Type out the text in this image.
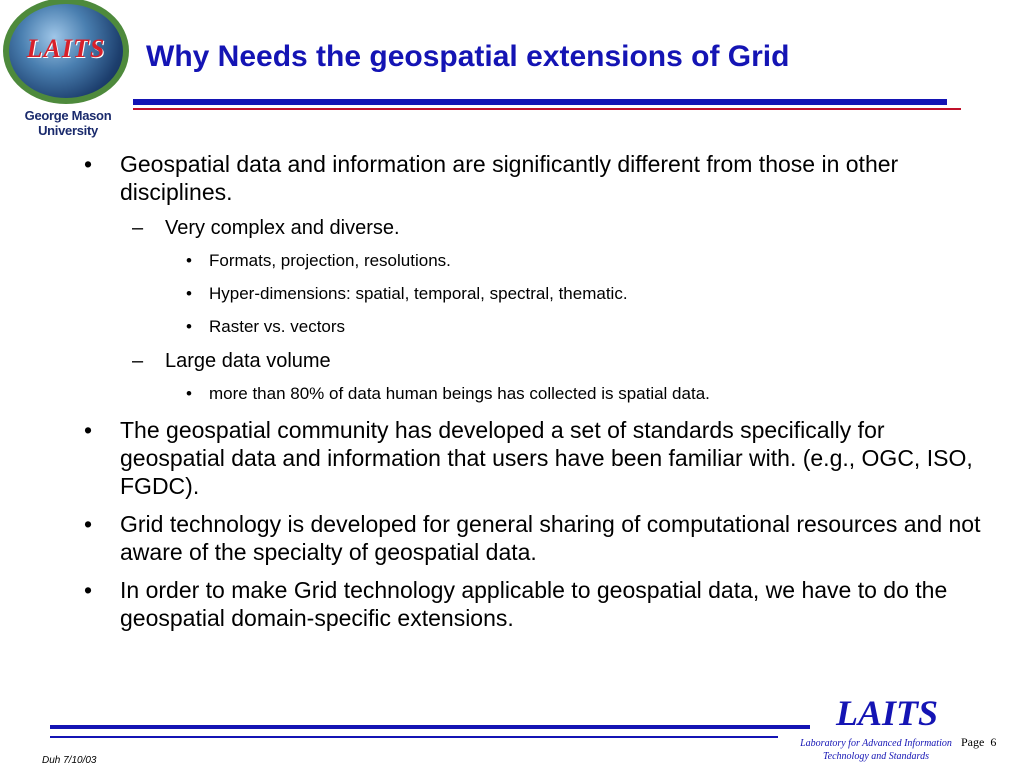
LAITS
George Mason University
Why Needs the geospatial extensions of Grid
• Geospatial data and information are significantly different from those in other disciplines.
– Very complex and diverse.
• Formats, projection, resolutions.
• Hyper-dimensions: spatial, temporal, spectral, thematic.
• Raster vs. vectors
– Large data volume
• more than 80% of data human beings has collected is spatial data.
• The geospatial community has developed a set of standards specifically for geospatial data and information that users have been familiar with. (e.g., OGC, ISO, FGDC).
• Grid technology is developed for general sharing of computational resources and not aware of the specialty of geospatial data.
• In order to make Grid technology applicable to geospatial data, we have to do the geospatial domain-specific extensions.
LAITS
Laboratory for Advanced Information
Technology and Standards
Duh 7/10/03
Page 6
